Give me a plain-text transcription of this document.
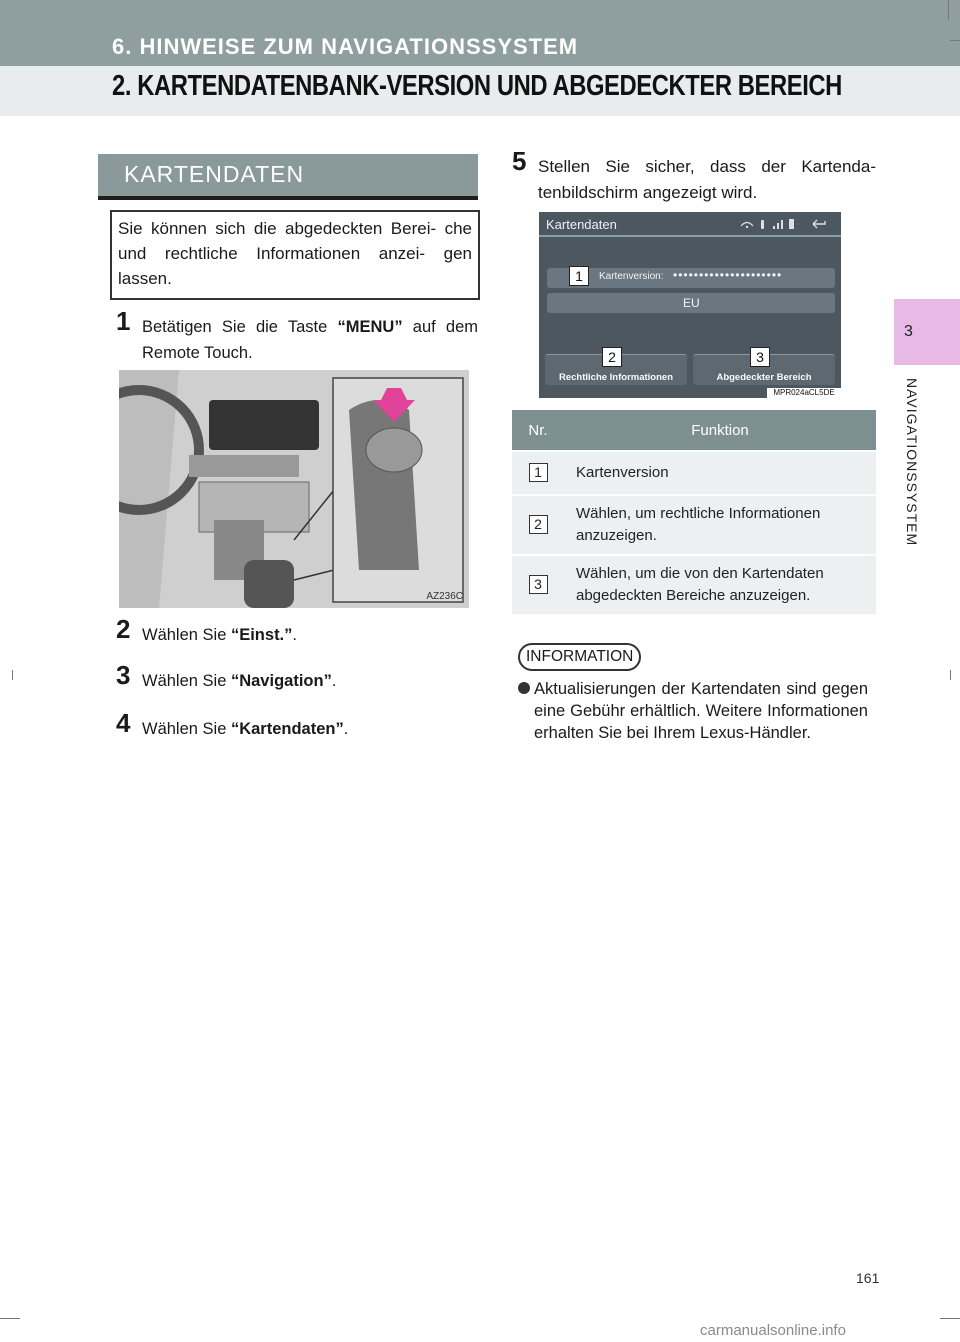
6. HINWEISE ZUM NAVIGATIONSSYSTEM
2. KARTENDATENBANK-VERSION UND ABGEDECKTER BEREICH
3
NAVIGATIONSSYSTEM
KARTENDATEN
Sie können sich die abgedeckten Berei- che und rechtliche Informationen anzei- gen lassen.
1 Betätigen Sie die Taste “MENU” auf dem Remote Touch.
AZ236C
2 Wählen Sie “Einst.”.
3 Wählen Sie “Navigation”.
4 Wählen Sie “Kartendaten”.
5 Stellen Sie sicher, dass der Kartenda- tenbildschirm angezeigt wird.
Kartendaten
Kartenversion: •••••••••••••••••••••
EU
Rechtliche Informationen	Abgedeckter Bereich
1
2	3
MPR024aCL5DE
Nr.	Funktion
1	Kartenversion
2	Wählen, um rechtliche Informationen anzuzeigen.
3	Wählen, um die von den Kartendaten abgedeckten Bereiche anzuzeigen.
INFORMATION
Aktualisierungen der Kartendaten sind gegen eine Gebühr erhältlich. Weitere Informationen erhalten Sie bei Ihrem Lexus-Händler.
161
carmanualsonline.info
